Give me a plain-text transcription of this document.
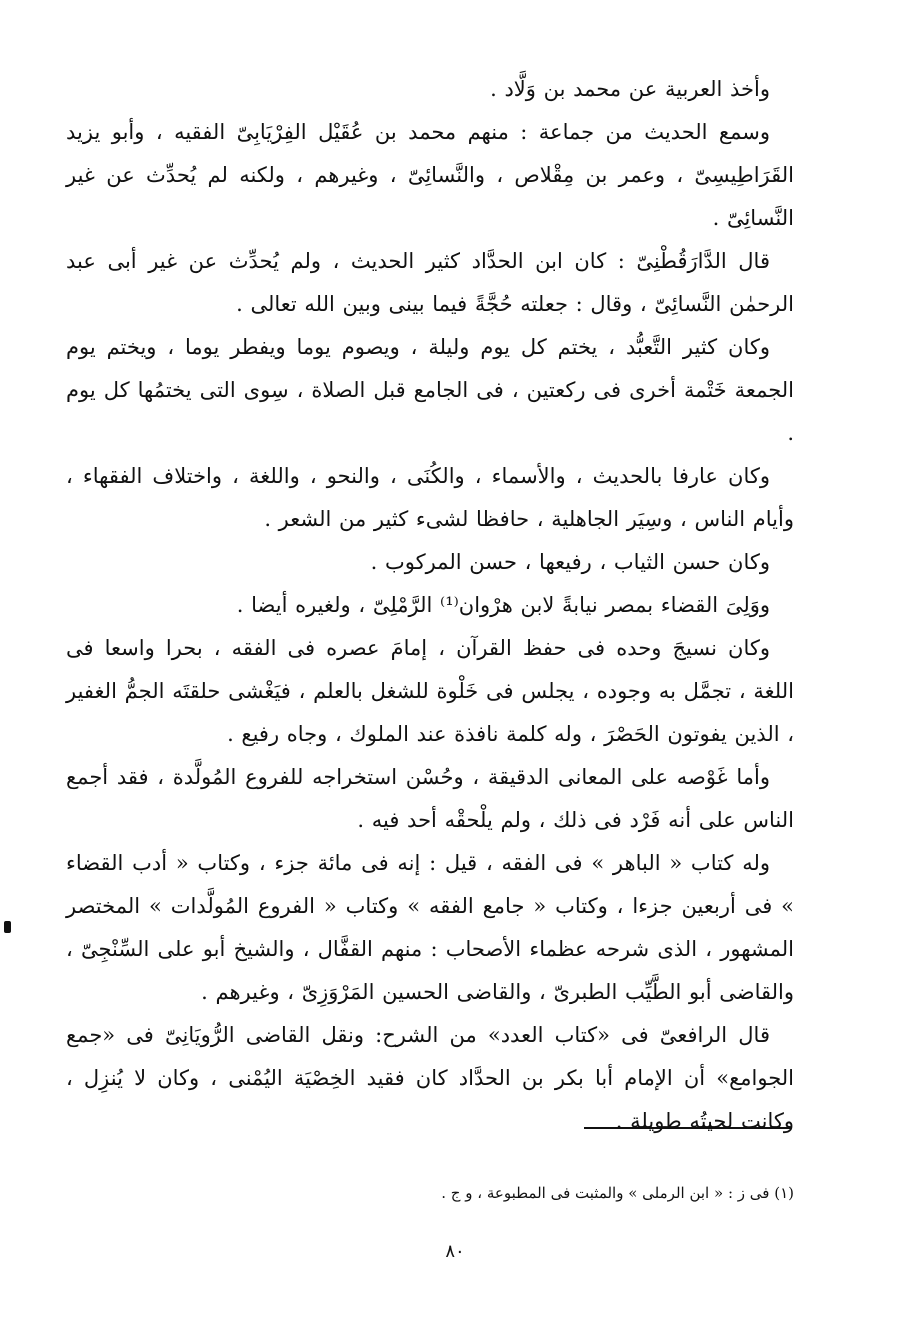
وأخذ العربية عن محمد بن وَلَّاد .

وسمع الحديث من جماعة : منهم محمد بن عُقَيْل الفِرْيَابِىّ الفقيه ، وأبو يزيد القَرَاطِيسِىّ ، وعمر بن مِقْلاص ، والنَّسائِىّ ، وغيرهم ، ولكنه لم يُحدِّث عن غير النَّسائِىّ .

قال الدَّارَقُطْنِىّ : كان ابن الحدَّاد كثير الحديث ، ولم يُحدِّث عن غير أبى عبد الرحمٰن النَّسائِىّ ، وقال : جعلته حُجَّةً فيما بينى وبين الله تعالى .

وكان كثير التَّعبُّد ، يختم كل يوم وليلة ، ويصوم يوما ويفطر يوما ، ويختم يوم الجمعة خَتْمة أخرى فى ركعتين ، فى الجامع قبل الصلاة ، سِوى التى يختمُها كل يوم .

وكان عارفا بالحديث ، والأسماء ، والكُنَى ، والنحو ، واللغة ، واختلاف الفقهاء ، وأيام الناس ، وسِيَر الجاهلية ، حافظا لشىء كثير من الشعر .

وكان حسن الثياب ، رفيعها ، حسن المركوب .

ووَلِىَ القضاء بمصر نيابةً لابن هرْوان⁽¹⁾ الرَّمْلِىّ ، ولغيره أيضا .

وكان نسيجَ وحده فى حفظ القرآن ، إمامَ عصره فى الفقه ، بحرا واسعا فى اللغة ، تجمَّل به وجوده ، يجلس فى خَلْوة للشغل بالعلم ، فيَغْشى حلقتَه الجمُّ الغفير ، الذين يفوتون الحَصْرَ ، وله كلمة نافذة عند الملوك ، وجاه رفيع .

وأما غَوْصه على المعانى الدقيقة ، وحُسْن استخراجه للفروع المُولَّدة ، فقد أجمع الناس على أنه فَرْد فى ذلك ، ولم يلْحقْه أحد فيه .

وله كتاب « الباهر » فى الفقه ، قيل : إنه فى مائة جزء ، وكتاب « أدب القضاء » فى أربعين جزءا ، وكتاب « جامع الفقه » وكتاب « الفروع المُولَّدات » المختصر المشهور ، الذى شرحه عظماء الأصحاب : منهم القفَّال ، والشيخ أبو على السِّنْجِىّ ، والقاضى أبو الطَّيِّب الطبرىّ ، والقاضى الحسين المَرْوَزِىّ ، وغيرهم .

قال الرافعىّ فى «كتاب العدد» من الشرح: ونقل القاضى الرُّويَانِىّ فى «جمع الجوامع» أن الإمام أبا بكر بن الحدَّاد كان فقيد الخِصْيَة اليُمْنى ، وكان لا يُنزِل ، وكانت لحيتُه طويلة .

(١) فى ز : « ابن الرملى » والمثبت فى المطبوعة ، و ج .
٨٠
